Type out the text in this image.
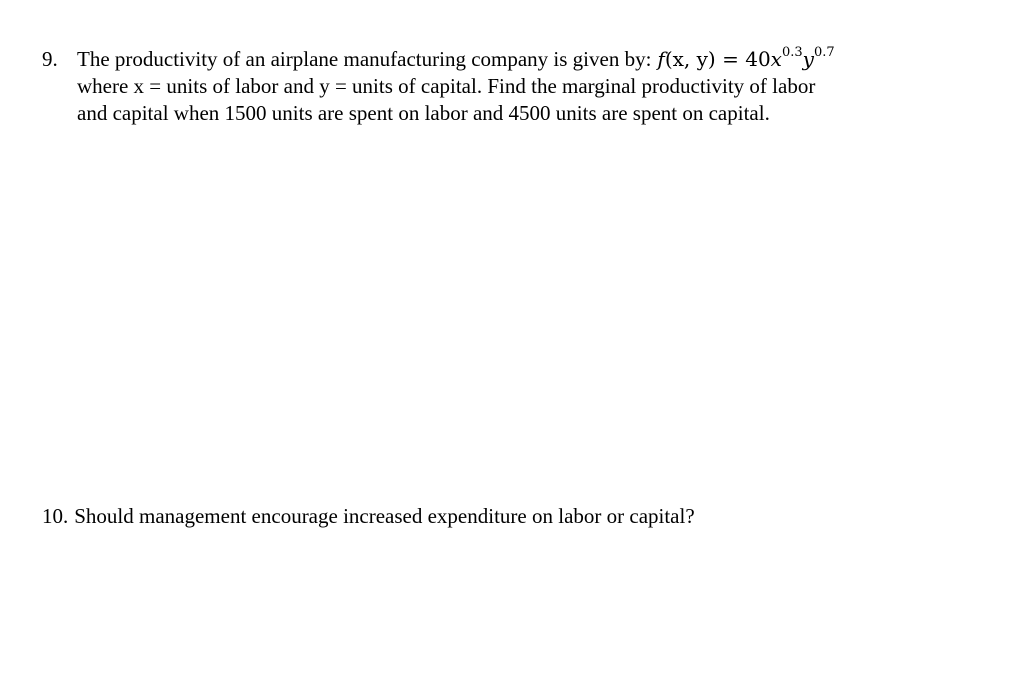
9. The productivity of an airplane manufacturing company is given by: f(x, $y) = 40x^{0.3}y^{0.7}$
where x = units of labor and y = units of capital. Find the marginal productivity of labor
and capital when 1500 units are spent on labor and 4500 units are spent on capital.
10. Should management encourage increased expenditure on labor or capital?
